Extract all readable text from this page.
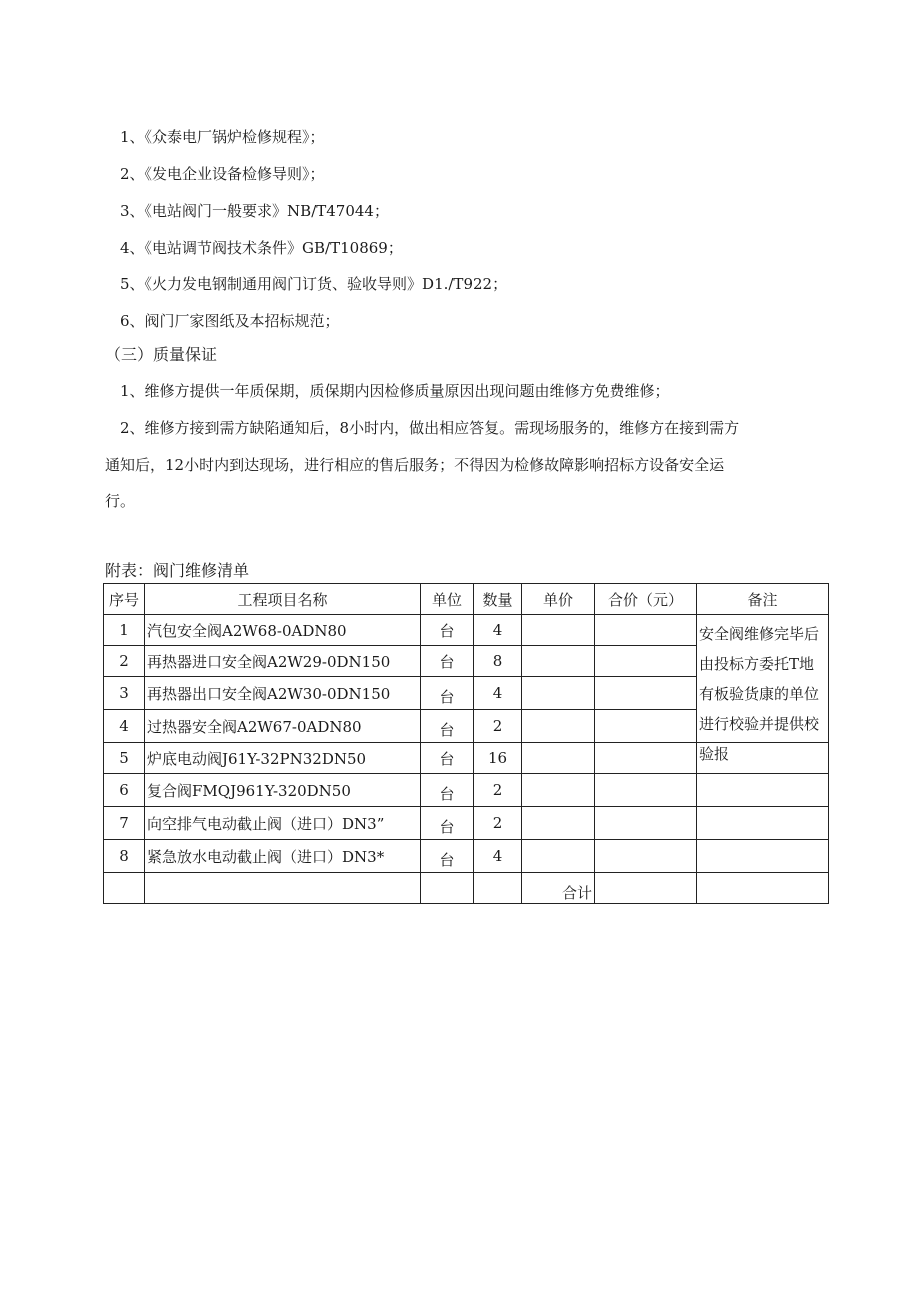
1、《众泰电厂锅炉检修规程》；
2、《发电企业设备检修导则》；
3、《电站阀门一般要求》NB/T47044；
4、《电站调节阀技术条件》GB/T10869；
5、《火力发电钢制通用阀门订货、验收导则》D1./T922；
6、阀门厂家图纸及本招标规范；
（三）质量保证
1、维修方提供一年质保期，质保期内因检修质量原因出现问题由维修方免费维修；
2、维修方接到需方缺陷通知后，8小时内，做出相应答复。需现场服务的，维修方在接到需方
通知后，12小时内到达现场，进行相应的售后服务；不得因为检修故障影响招标方设备安全运
行。
附表：阀门维修清单
序号	工程项目名称	单位	数量	单价	合价（元）	备注
1	汽包安全阀A2W68-0ADN80	台	4			安全阀维修完毕后由投标方委托T地有板验货康的单位进行校验并提供校验报

2	再热器进口安全阀A2W29-0DN150	台	8			
3	再热器出口安全阀A2W30-0DN150	台	4			
4	过热器安全阀A2W67-0ADN80	台	2			
5	炉底电动阀J61Y-32PN32DN50	台	16			
6	复合阀FMQJ961Y-320DN50	台	2			
7	向空排气电动截止阀（进口）DN3”	台	2			
8	紧急放水电动截止阀（进口）DN3*	台	4			
				合计		
